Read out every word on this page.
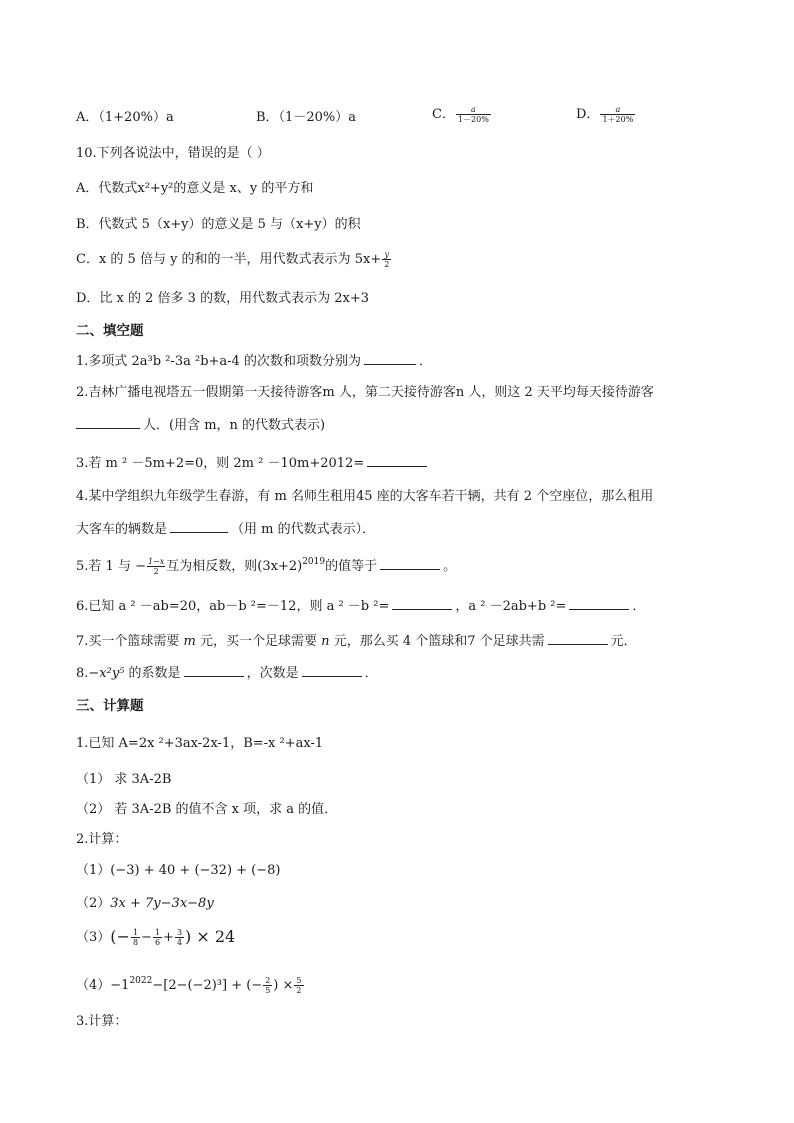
A．（1+20%）a	B．（1－20%）a	C． $\frac{a}{1-20\%}$	D． $\frac{a}{1+20\%}$
10.下列各说法中，错误的是（ ）
A．代数式x²+y²的意义是 x、y 的平方和
B．代数式 5（x+y）的意义是 5 与（x+y）的积
C．x 的 5 倍与 y 的和的一半，用代数式表示为 $5x+ \frac{y}{2}$
D．比 x 的 2 倍多 3 的数，用代数式表示为 2x+3
二、填空题
1.多项式 2a³b ²-3a ²b+a-4 的次数和项数分别为	．
2.吉林广播电视塔五一假期第一天接待游客m 人，第二天接待游客n 人，则这 2 天平均每天接待游客
人．(用含 m，n 的代数式表示)
3.若 m ² －5m+2=0，则 2m ² －10m+2012=
4.某中学组织九年级学生春游，有 m 名师生租用45 座的大客车若干辆，共有 2 个空座位，那么租用
大客车的辆数是	（用 m 的代数式表示）．
5.若 1 与 − $\frac{1-x}{2}$ 互为相反数，则$(3x+2)^{2019}$的值等于	。
6.已知 a ² －ab=20，ab－b ²=－12，则 a ² －b ²=	，a ² －2ab+b ²=	．
7.买一个篮球需要 m 元，买一个足球需要 n 元，那么买 4 个篮球和7 个足球共需	元．
8.−x²y⁵ 的系数是	，次数是	．
三、计算题
1.已知 A=2x ²+3ax-2x-1，B=-x ²+ax-1
（1） 求 3A-2B
（2） 若 3A-2B 的值不含 x 项，求 a 的值．
2.计算：
（1）(−3) + 40 + (−32) + (−8)
（2）3x + 7y−3x−8y
$(3)(- \frac{1}{8} - \frac{1}{6} + \frac{3}{4}$ ) × 24
$(4)-1^{2022}-[2-(-2)^3]$ + (− $\frac{2}{5}$ ) × $\frac{5}{2}$
3.计算：
